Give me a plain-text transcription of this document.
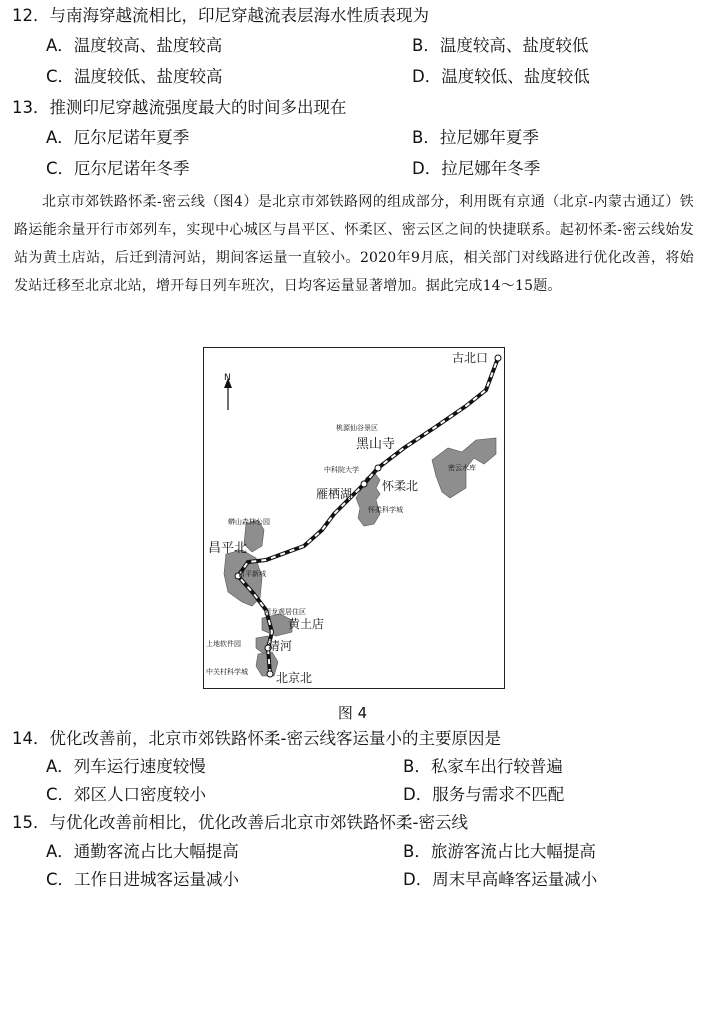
12．与南海穿越流相比，印尼穿越流表层海水性质表现为
A．温度较高、盐度较高	B．温度较高、盐度较低
C．温度较低、盐度较高	D．温度较低、盐度较低
13．推测印尼穿越流强度最大的时间多出现在
A．厄尔尼诺年夏季	B．拉尼娜年夏季
C．厄尔尼诺年冬季	D．拉尼娜年冬季

北京市郊铁路怀柔-密云线（图4）是北京市郊铁路网的组成部分，利用既有京通（北京-内蒙古通辽）铁路运能余量开行市郊列车，实现中心城区与昌平区、怀柔区、密云区之间的快捷联系。起初怀柔-密云线始发站为黄土店站，后迁到清河站，期间客运量一直较小。2020年9月底，相关部门对线路进行优化改善，将始发站迁移至北京北站，增开每日列车班次，日均客运量显著增加。据此完成14～15题。

N
古北口
桃源仙谷景区
密云水库
黑山寺
中科院大学
雁栖湖
怀柔北
怀柔科学城
蟒山森林公园
昌平北
昌平新城
回龙观居住区
黄土店
上地软件园 清河
中关村科学城 北京北
图 4
14．优化改善前，北京市郊铁路怀柔-密云线客运量小的主要原因是
A．列车运行速度较慢	B．私家车出行较普遍
C．郊区人口密度较小	D．服务与需求不匹配
15．与优化改善前相比，优化改善后北京市郊铁路怀柔-密云线
A．通勤客流占比大幅提高	B．旅游客流占比大幅提高
C．工作日进城客运量减小	D．周末早高峰客运量减小
